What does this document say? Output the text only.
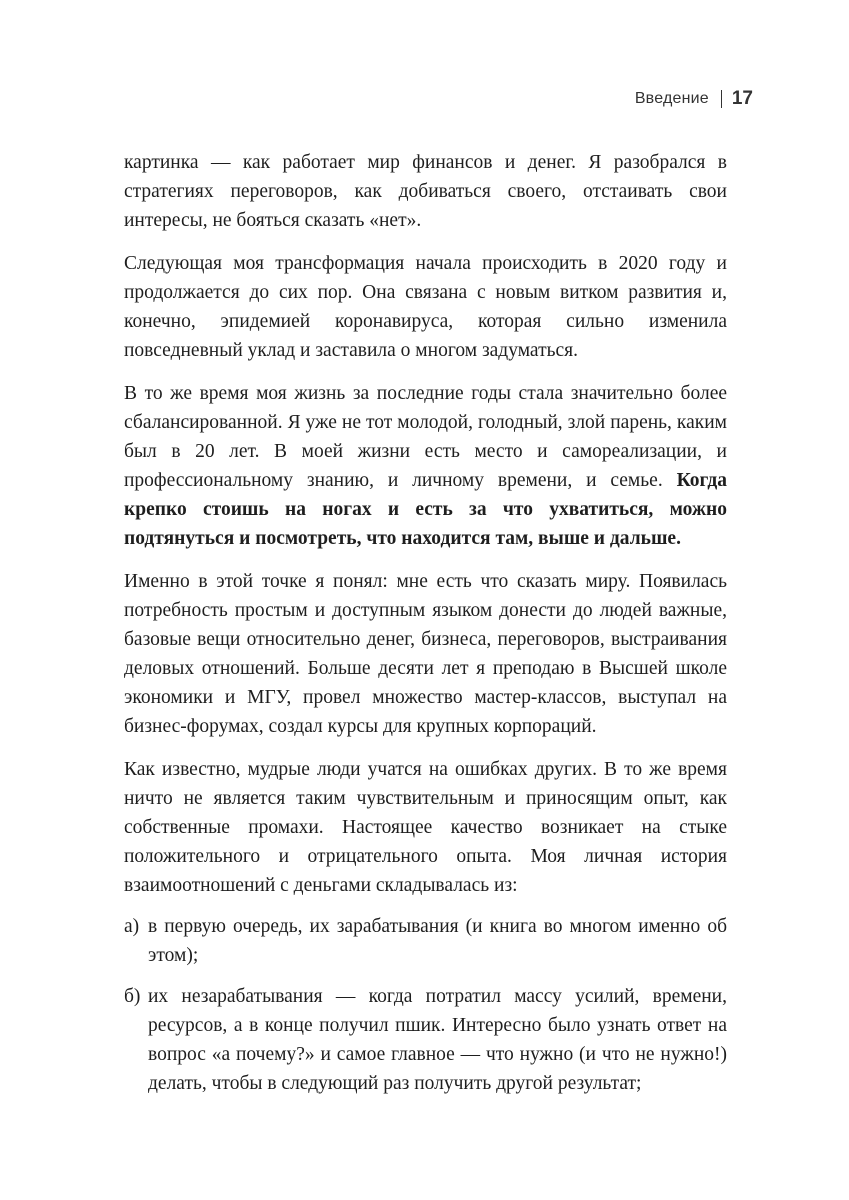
Введение 17

картинка — как работает мир финансов и денег. Я разобрался в стратегиях переговоров, как добиваться своего, отстаивать свои интересы, не бояться сказать «нет».

Следующая моя трансформация начала происходить в 2020 году и продолжается до сих пор. Она связана с новым витком развития и, конечно, эпидемией коронавируса, которая сильно изменила повседневный уклад и заставила о многом задуматься.

В то же время моя жизнь за последние годы стала значительно более сбалансированной. Я уже не тот молодой, голодный, злой парень, каким был в 20 лет. В моей жизни есть место и самореализации, и профессиональному знанию, и личному времени, и семье. Когда крепко стоишь на ногах и есть за что ухватиться, можно подтянуться и посмотреть, что находится там, выше и дальше.

Именно в этой точке я понял: мне есть что сказать миру. Появилась потребность простым и доступным языком донести до людей важные, базовые вещи относительно денег, бизнеса, переговоров, выстраивания деловых отношений. Больше десяти лет я преподаю в Высшей школе экономики и МГУ, провел множество мастер-классов, выступал на бизнес-форумах, создал курсы для крупных корпораций.

Как известно, мудрые люди учатся на ошибках других. В то же время ничто не является таким чувствительным и приносящим опыт, как собственные промахи. Настоящее качество возникает на стыке положительного и отрицательного опыта. Моя личная история взаимоотношений с деньгами складывалась из:

а) в первую очередь, их зарабатывания (и книга во многом именно об этом);
б) их незарабатывания — когда потратил массу усилий, времени, ресурсов, а в конце получил пшик. Интересно было узнать ответ на вопрос «а почему?» и самое главное — что нужно (и что не нужно!) делать, чтобы в следующий раз получить другой результат;
